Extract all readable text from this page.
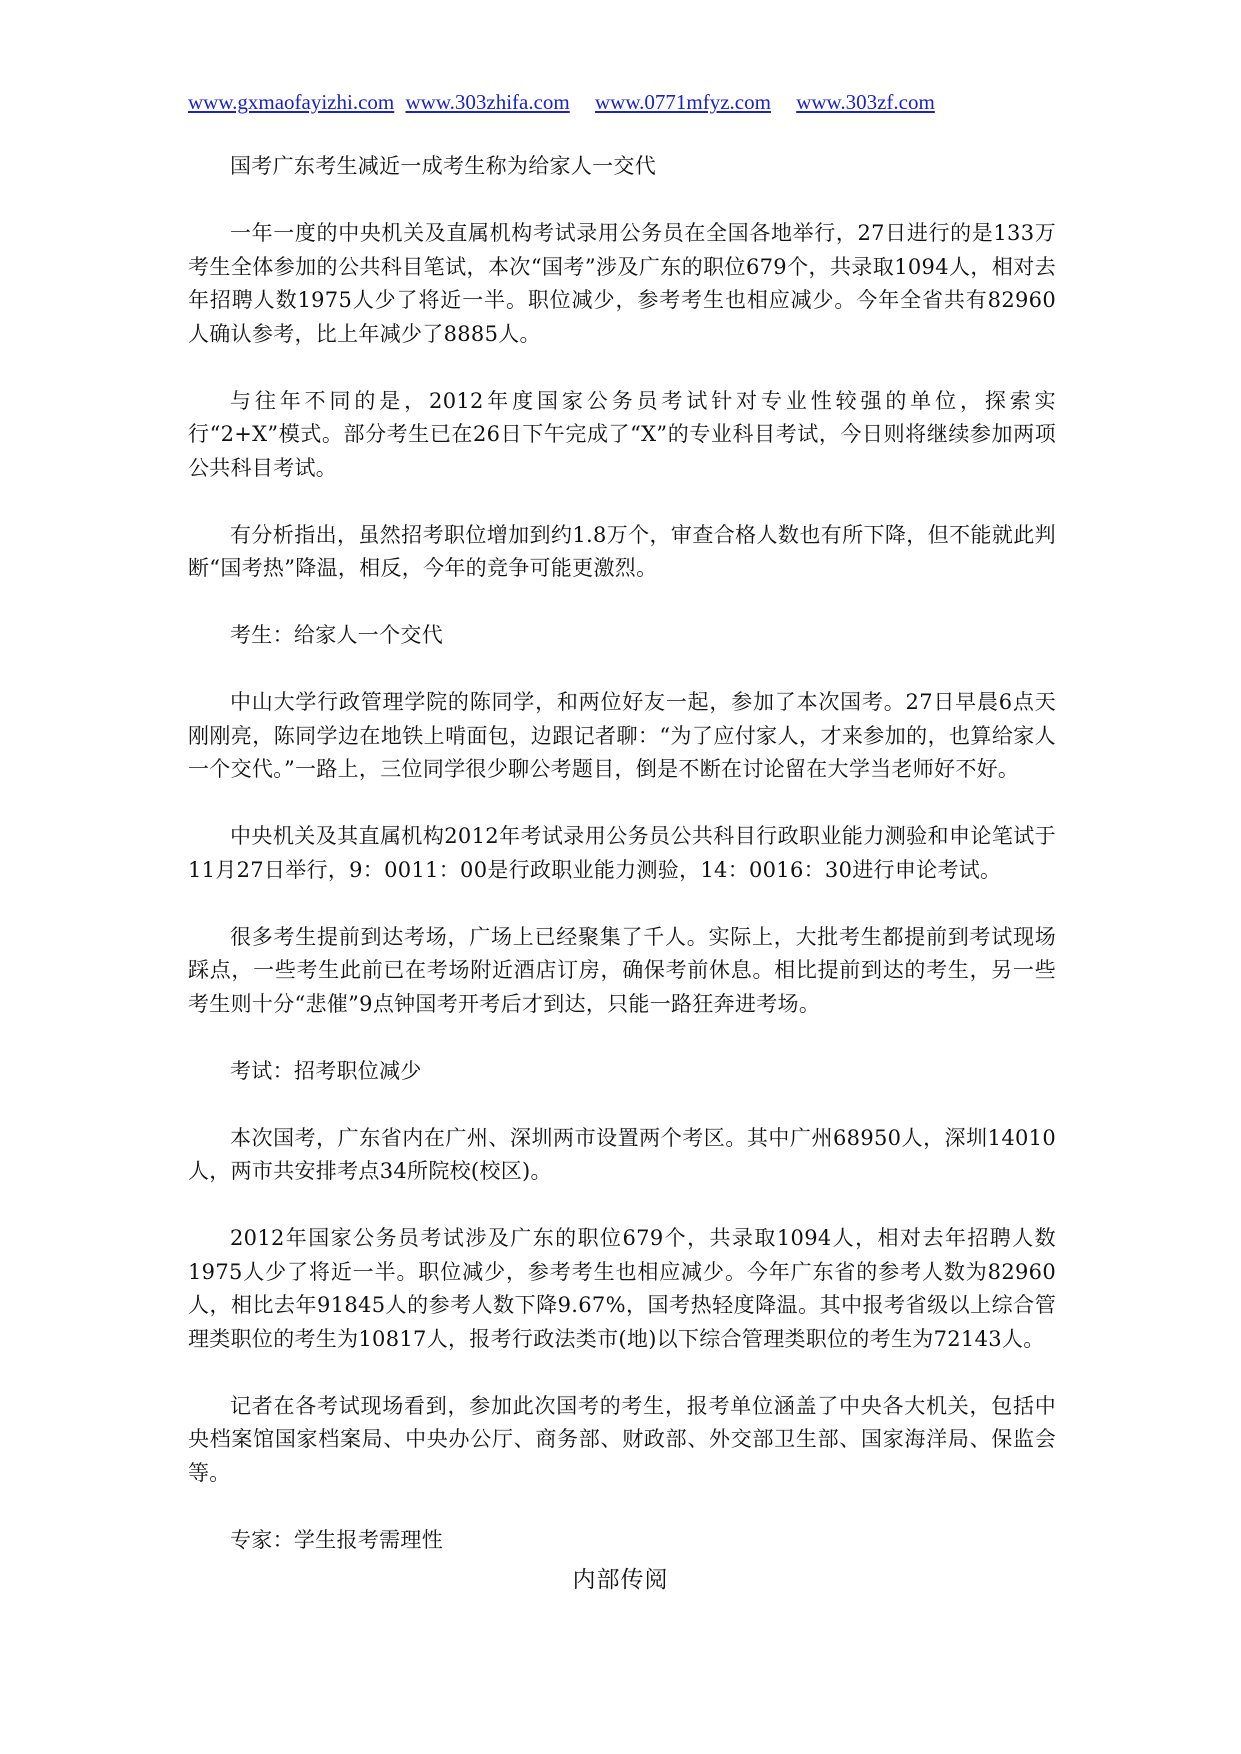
www.gxmaofayizhi.com www.303zhifa.com www.0771mfyz.com www.303zf.com

国考广东考生减近一成考生称为给家人一交代

一年一度的中央机关及直属机构考试录用公务员在全国各地举行，27日进行的是133万考生全体参加的公共科目笔试，本次“国考”涉及广东的职位679个，共录取1094人，相对去年招聘人数1975人少了将近一半。职位减少，参考考生也相应减少。今年全省共有82960人确认参考，比上年减少了8885人。

与往年不同的是，2012年度国家公务员考试针对专业性较强的单位，探索实行“2+X”模式。部分考生已在26日下午完成了“X”的专业科目考试，今日则将继续参加两项公共科目考试。

有分析指出，虽然招考职位增加到约1.8万个，审查合格人数也有所下降，但不能就此判断“国考热”降温，相反，今年的竞争可能更激烈。

考生：给家人一个交代

中山大学行政管理学院的陈同学，和两位好友一起，参加了本次国考。27日早晨6点天刚刚亮，陈同学边在地铁上啃面包，边跟记者聊：“为了应付家人，才来参加的，也算给家人一个交代。”一路上，三位同学很少聊公考题目，倒是不断在讨论留在大学当老师好不好。

中央机关及其直属机构2012年考试录用公务员公共科目行政职业能力测验和申论笔试于11月27日举行，9：0011：00是行政职业能力测验，14：0016：30进行申论考试。

很多考生提前到达考场，广场上已经聚集了千人。实际上，大批考生都提前到考试现场踩点，一些考生此前已在考场附近酒店订房，确保考前休息。相比提前到达的考生，另一些考生则十分“悲催”9点钟国考开考后才到达，只能一路狂奔进考场。

考试：招考职位减少

本次国考，广东省内在广州、深圳两市设置两个考区。其中广州68950人，深圳14010人，两市共安排考点34所院校(校区)。

2012年国家公务员考试涉及广东的职位679个，共录取1094人，相对去年招聘人数1975人少了将近一半。职位减少，参考考生也相应减少。今年广东省的参考人数为82960人，相比去年91845人的参考人数下降9.67%，国考热轻度降温。其中报考省级以上综合管理类职位的考生为10817人，报考行政法类市(地)以下综合管理类职位的考生为72143人。

记者在各考试现场看到，参加此次国考的考生，报考单位涵盖了中央各大机关，包括中央档案馆国家档案局、中央办公厅、商务部、财政部、外交部卫生部、国家海洋局、保监会等。

专家：学生报考需理性

内部传阅
